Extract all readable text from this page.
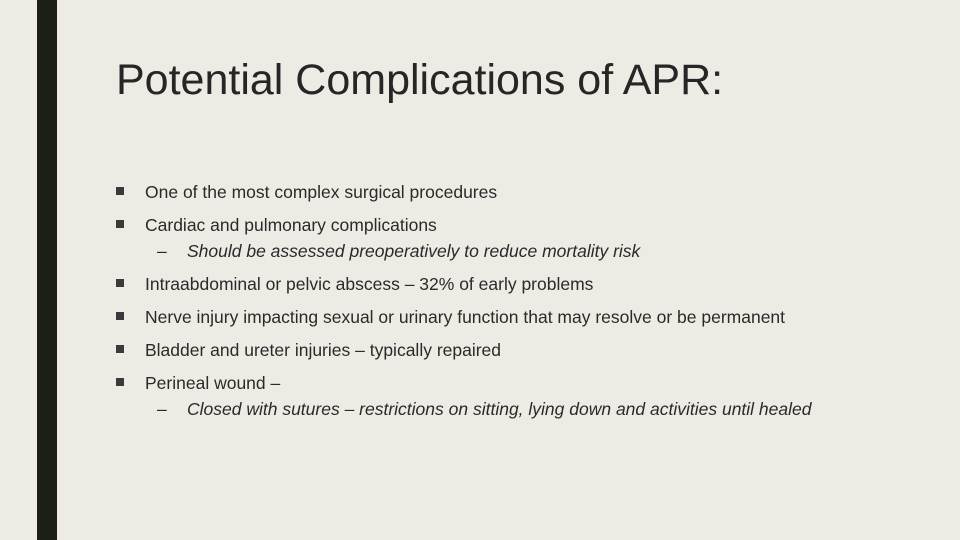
Potential Complications of APR:
One of the most complex surgical procedures
Cardiac and pulmonary complications
– Should be assessed preoperatively to reduce mortality risk
Intraabdominal or pelvic abscess – 32% of early problems
Nerve injury impacting sexual or urinary function that may resolve or be permanent
Bladder and ureter injuries – typically repaired
Perineal wound –
– Closed with sutures – restrictions on sitting, lying down and activities until healed
